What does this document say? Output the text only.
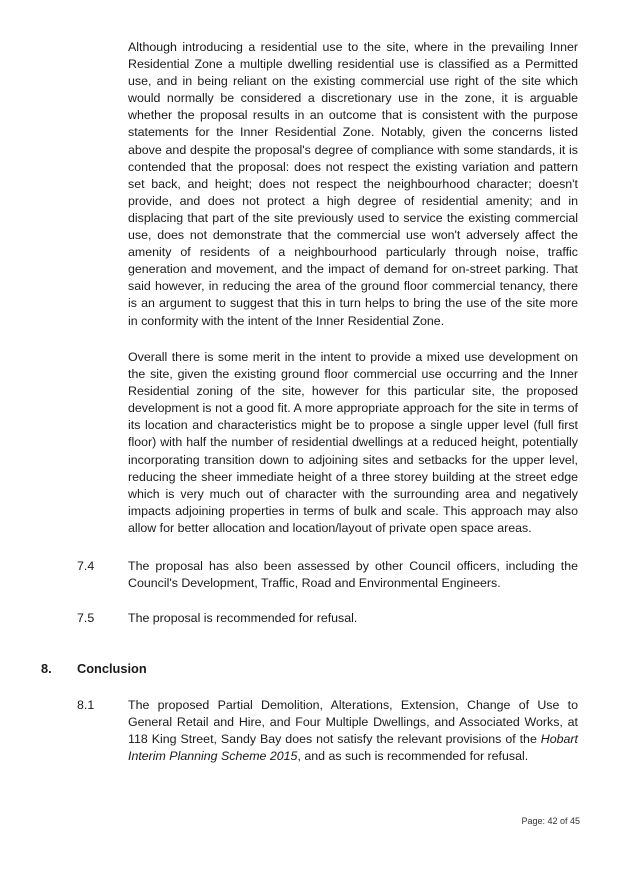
Although introducing a residential use to the site, where in the prevailing Inner Residential Zone a multiple dwelling residential use is classified as a Permitted use, and in being reliant on the existing commercial use right of the site which would normally be considered a discretionary use in the zone, it is arguable whether the proposal results in an outcome that is consistent with the purpose statements for the Inner Residential Zone. Notably, given the concerns listed above and despite the proposal's degree of compliance with some standards, it is contended that the proposal: does not respect the existing variation and pattern set back, and height; does not respect the neighbourhood character; doesn't provide, and does not protect a high degree of residential amenity; and in displacing that part of the site previously used to service the existing commercial use, does not demonstrate that the commercial use won't adversely affect the amenity of residents of a neighbourhood particularly through noise, traffic generation and movement, and the impact of demand for on-street parking. That said however, in reducing the area of the ground floor commercial tenancy, there is an argument to suggest that this in turn helps to bring the use of the site more in conformity with the intent of the Inner Residential Zone.

Overall there is some merit in the intent to provide a mixed use development on the site, given the existing ground floor commercial use occurring and the Inner Residential zoning of the site, however for this particular site, the proposed development is not a good fit. A more appropriate approach for the site in terms of its location and characteristics might be to propose a single upper level (full first floor) with half the number of residential dwellings at a reduced height, potentially incorporating transition down to adjoining sites and setbacks for the upper level, reducing the sheer immediate height of a three storey building at the street edge which is very much out of character with the surrounding area and negatively impacts adjoining properties in terms of bulk and scale. This approach may also allow for better allocation and location/layout of private open space areas.

7.4	The proposal has also been assessed by other Council officers, including the Council's Development, Traffic, Road and Environmental Engineers.

7.5	The proposal is recommended for refusal.

8. Conclusion

8.1	The proposed Partial Demolition, Alterations, Extension, Change of Use to General Retail and Hire, and Four Multiple Dwellings, and Associated Works, at 118 King Street, Sandy Bay does not satisfy the relevant provisions of the Hobart Interim Planning Scheme 2015, and as such is recommended for refusal.

Page: 42 of 45
